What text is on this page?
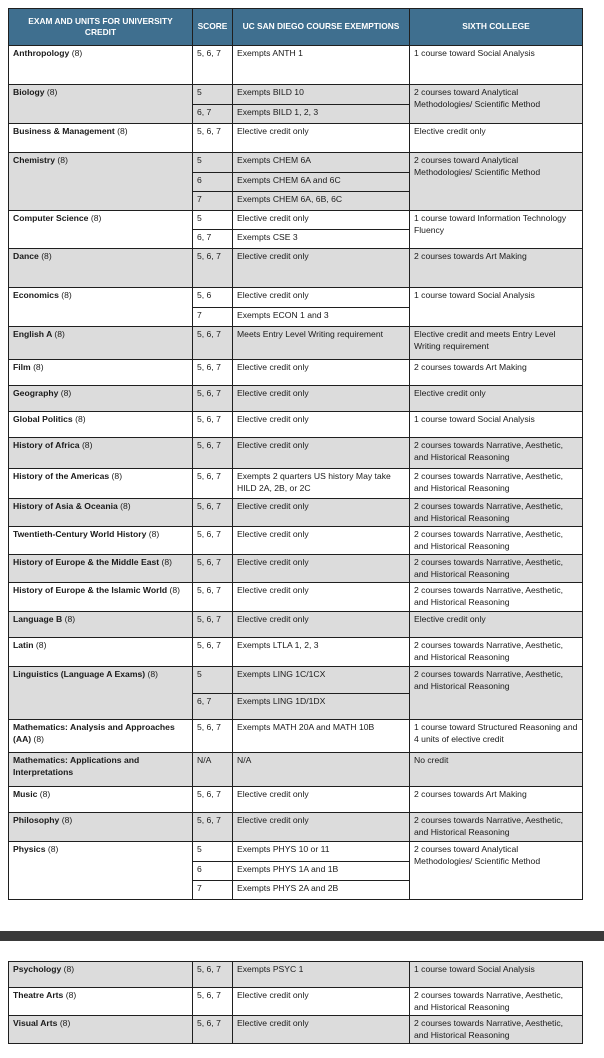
EXAM AND UNITS FOR UNIVERSITY CREDIT	SCORE	UC SAN DIEGO COURSE EXEMPTIONS	SIXTH COLLEGE
Anthropology (8)	5, 6, 7	Exempts ANTH 1	1 course toward Social Analysis
Biology (8)	5	Exempts BILD 10	2 courses toward Analytical Methodologies/ Scientific Method
	6, 7	Exempts BILD 1, 2, 3	
Business & Management (8)	5, 6, 7	Elective credit only	Elective credit only
Chemistry (8)	5	Exempts CHEM 6A	2 courses toward Analytical Methodologies/ Scientific Method
	6	Exempts CHEM 6A and 6C	
	7	Exempts CHEM 6A, 6B, 6C	
Computer Science (8)	5	Elective credit only	1 course toward Information Technology Fluency
	6, 7	Exempts CSE 3	
Dance (8)	5, 6, 7	Elective credit only	2 courses towards Art Making
Economics (8)	5, 6	Elective credit only	1 course toward Social Analysis
	7	Exempts ECON 1 and 3	
English A (8)	5, 6, 7	Meets Entry Level Writing requirement	Elective credit and meets Entry Level Writing requirement
Film (8)	5, 6, 7	Elective credit only	2 courses towards Art Making
Geography (8)	5, 6, 7	Elective credit only	Elective credit only
Global Politics (8)	5, 6, 7	Elective credit only	1 course toward Social Analysis
History of Africa (8)	5, 6, 7	Elective credit only	2 courses towards Narrative, Aesthetic, and Historical Reasoning
History of the Americas (8)	5, 6, 7	Exempts 2 quarters US history May take HILD 2A, 2B, or 2C	2 courses towards Narrative, Aesthetic, and Historical Reasoning
History of Asia & Oceania (8)	5, 6, 7	Elective credit only	2 courses towards Narrative, Aesthetic, and Historical Reasoning
Twentieth-Century World History (8)	5, 6, 7	Elective credit only	2 courses towards Narrative, Aesthetic, and Historical Reasoning
History of Europe & the Middle East (8)	5, 6, 7	Elective credit only	2 courses towards Narrative, Aesthetic, and Historical Reasoning
History of Europe & the Islamic World (8)	5, 6, 7	Elective credit only	2 courses towards Narrative, Aesthetic, and Historical Reasoning
Language B (8)	5, 6, 7	Elective credit only	Elective credit only
Latin (8)	5, 6, 7	Exempts LTLA 1, 2, 3	2 courses towards Narrative, Aesthetic, and Historical Reasoning
Linguistics (Language A Exams) (8)	5	Exempts LING 1C/1CX	2 courses towards Narrative, Aesthetic, and Historical Reasoning
	6, 7	Exempts LING 1D/1DX	
Mathematics: Analysis and Approaches (AA) (8)	5, 6, 7	Exempts MATH 20A and MATH 10B	1 course toward Structured Reasoning and 4 units of elective credit
Mathematics: Applications and Interpretations	N/A	N/A	No credit
Music (8)	5, 6, 7	Elective credit only	2 courses towards Art Making
Philosophy (8)	5, 6, 7	Elective credit only	2 courses towards Narrative, Aesthetic, and Historical Reasoning
Physics (8)	5	Exempts PHYS 10 or 11	2 courses toward Analytical Methodologies/ Scientific Method
	6	Exempts PHYS 1A and 1B	
	7	Exempts PHYS 2A and 2B	
Psychology (8)	5, 6, 7	Exempts PSYC 1	1 course toward Social Analysis
Theatre Arts (8)	5, 6, 7	Elective credit only	2 courses towards Narrative, Aesthetic, and Historical Reasoning
Visual Arts (8)	5, 6, 7	Elective credit only	2 courses towards Narrative, Aesthetic, and Historical Reasoning
